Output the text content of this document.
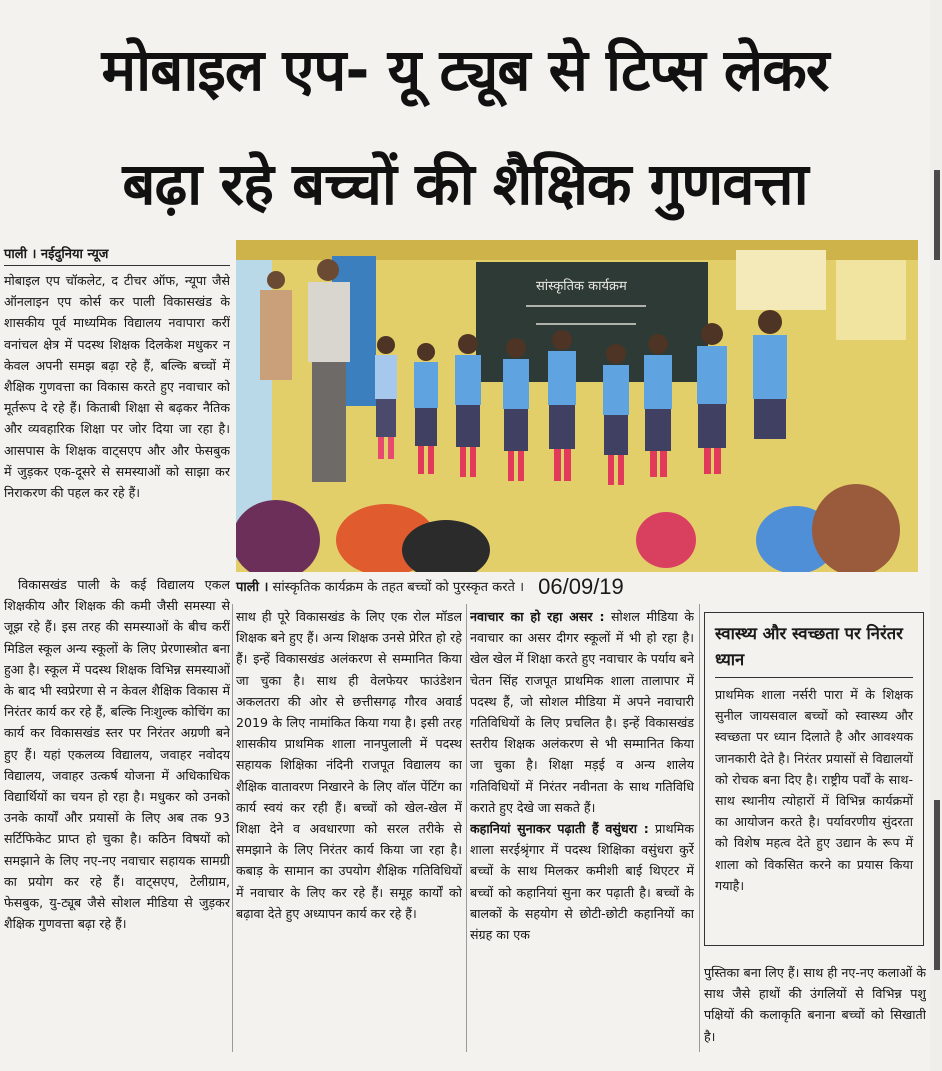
मोबाइल एप- यू ट्यूब से टिप्स लेकर
बढ़ा रहे बच्चों की शैक्षिक गुणवत्ता
पाली । नईदुनिया न्यूज

मोबाइल एप चॉकलेट, द टीचर ऑफ, न्यूपा जैसे ऑनलाइन एप कोर्स कर पाली विकासखंड के शासकीय पूर्व माध्यमिक विद्यालय नवापारा करीं वनांचल क्षेत्र में पदस्थ शिक्षक दिलकेश मधुकर न केवल अपनी समझ बढ़ा रहे हैं, बल्कि बच्चों में शैक्षिक गुणवत्ता का विकास करते हुए नवाचार को मूर्तरूप दे रहे हैं। किताबी शिक्षा से बढ़कर नैतिक और व्यवहारिक शिक्षा पर जोर दिया जा रहा है। आसपास के शिक्षक वाट्सएप और और फेसबुक में जुड़कर एक-दूसरे से समस्याओं को साझा कर निराकरण की पहल कर रहे हैं।

सांस्कृतिक कार्यक्रम
पाली । सांस्कृतिक कार्यक्रम के तहत बच्चों को पुरस्कृत करते । 06/09/19

विकासखंड पाली के कई विद्यालय एकल शिक्षकीय और शिक्षक की कमी जैसी समस्या से जूझ रहे हैं। इस तरह की समस्याओं के बीच करीं मिडिल स्कूल अन्य स्कूलों के लिए प्रेरणास्त्रोत बना हुआ है। स्कूल में पदस्थ शिक्षक विभिन्न समस्याओं के बाद भी स्वप्रेरणा से न केवल शैक्षिक विकास में निरंतर कार्य कर रहे हैं, बल्कि निःशुल्क कोचिंग का कार्य कर विकासखंड स्तर पर निरंतर अग्रणी बने हुए हैं। यहां एकलव्य विद्यालय, जवाहर नवोदय विद्यालय, जवाहर उत्कर्ष योजना में अधिकाधिक विद्यार्थियों का चयन हो रहा है। मधुकर को उनको उनके कार्यों और प्रयासों के लिए अब तक 93 सर्टिफिकेट प्राप्त हो चुका है। कठिन विषयों को समझाने के लिए नए-नए नवाचार सहायक सामग्री का प्रयोग कर रहे हैं। वाट्सएप, टेलीग्राम, फेसबुक, यु-ट्यूब जैसे सोशल मीडिया से जुड़कर शैक्षिक गुणवत्ता बढ़ा रहे हैं।

साथ ही पूरे विकासखंड के लिए एक रोल मॉडल शिक्षक बने हुए हैं। अन्य शिक्षक उनसे प्रेरित हो रहे हैं। इन्हें विकासखंड अलंकरण से सम्मानित किया जा चुका है। साथ ही वेलफेयर फाउंडेशन अकलतरा की ओर से छत्तीसगढ़ गौरव अवार्ड 2019 के लिए नामांकित किया गया है। इसी तरह शासकीय प्राथमिक शाला नानपुलाली में पदस्थ सहायक शिक्षिका नंदिनी राजपूत विद्यालय का शैक्षिक वातावरण निखारने के लिए वॉल पेंटिंग का कार्य स्वयं कर रही हैं। बच्चों को खेल-खेल में शिक्षा देने व अवधारणा को सरल तरीके से समझाने के लिए निरंतर कार्य किया जा रहा है। कबाड़ के सामान का उपयोग शैक्षिक गतिविधियों में नवाचार के लिए कर रहे हैं। समूह कार्यों को बढ़ावा देते हुए अध्यापन कार्य कर रहे हैं।

नवाचार का हो रहा असर : सोशल मीडिया के नवाचार का असर दीगर स्कूलों में भी हो रहा है। खेल खेल में शिक्षा करते हुए नवाचार के पर्याय बने चेतन सिंह राजपूत प्राथमिक शाला तालापार में पदस्थ हैं, जो सोशल मीडिया में अपने नवाचारी गतिविधियों के लिए प्रचलित है। इन्हें विकासखंड स्तरीय शिक्षक अलंकरण से भी सम्मानित किया जा चुका है। शिक्षा मड़ई व अन्य शालेय गतिविधियों में निरंतर नवीनता के साथ गतिविधि कराते हुए देखे जा सकते हैं।

कहानियां सुनाकर पढ़ाती हैं वसुंधरा : प्राथमिक शाला सरईश्रृंगार में पदस्थ शिक्षिका वसुंधरा कुर्रे बच्चों के साथ मिलकर कमीशी बाई थिएटर में बच्चों को कहानियां सुना कर पढ़ाती है। बच्चों के बालकों के सहयोग से छोटी-छोटी कहानियों का संग्रह का एक

स्वास्थ्य और स्वच्छता पर निरंतर ध्यान
प्राथमिक शाला नर्सरी पारा में के शिक्षक सुनील जायसवाल बच्चों को स्वास्थ्य और स्वच्छता पर ध्यान दिलाते है और आवश्यक जानकारी देते है। निरंतर प्रयासों से विद्यालयों को रोचक बना दिए है। राष्ट्रीय पर्वों के साथ-साथ स्थानीय त्योहारों में विभिन्न कार्यक्रमों का आयोजन करते है। पर्यावरणीय सुंदरता को विशेष महत्व देते हुए उद्यान के रूप में शाला को विकसित करने का प्रयास किया गयाहै।

पुस्तिका बना लिए हैं। साथ ही नए-नए कलाओं के साथ जैसे हाथों की उंगलियों से विभिन्न पशु पक्षियों की कलाकृति बनाना बच्चों को सिखाती है।
